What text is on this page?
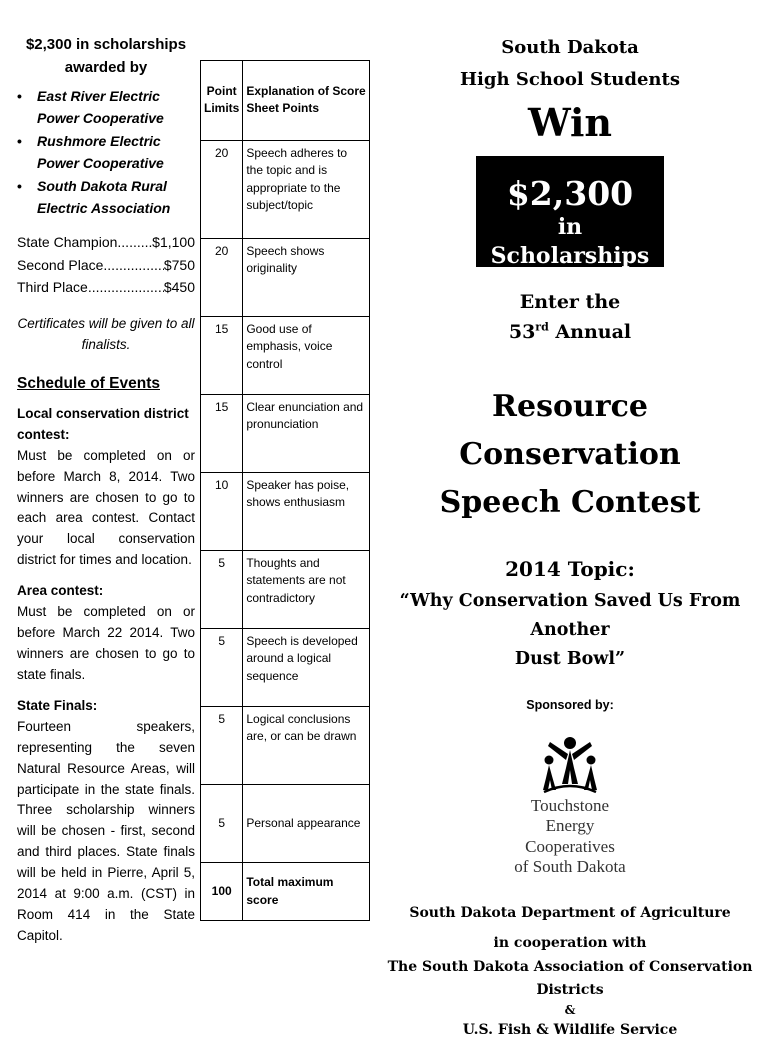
$2,300 in scholarships awarded by
• East River Electric Power Cooperative
• Rushmore Electric Power Cooperative
• South Dakota Rural Electric Association
State Champion ..... $1,100
Second Place .....	$750
Third Place .....	$450
Certificates will be given to all finalists.
Schedule of Events
Local conservation district contest:
Must be completed on or before March 8, 2014. Two winners are chosen to go to each area contest. Contact your local conservation district for times and location.
Area contest:
Must be completed on or before March 22 2014. Two winners are chosen to go to state finals.
State Finals:
Fourteen speakers, representing the seven Natural Resource Areas, will participate in the state finals. Three scholarship winners will be chosen - first, second and third places. State finals will be held in Pierre, April 5, 2014 at 9:00 a.m. (CST) in Room 414 in the State Capitol.
Point Limits	Explanation of Score Sheet Points
20	Speech adheres to the topic and is appropriate to the subject/topic
20	Speech shows originality
15	Good use of emphasis, voice control
15	Clear enunciation and pronunciation
10	Speaker has poise, shows enthusiasm
5	Thoughts and statements are not contradictory
5	Speech is developed around a logical sequence
5	Logical conclusions are, or can be drawn
5	Personal appearance
100	Total maximum score
South Dakota
High School Students
Win
$2,300
in Scholarships
Enter the
53rd Annual
Resource Conservation
Speech Contest
2014 Topic:
“Why Conservation Saved Us From Another
Dust Bowl”
Sponsored by:
Touchstone Energy
Cooperatives
of South Dakota
South Dakota Department of Agriculture
in cooperation with
The South Dakota Association of Conservation Districts
&
U.S. Fish & Wildlife Service
